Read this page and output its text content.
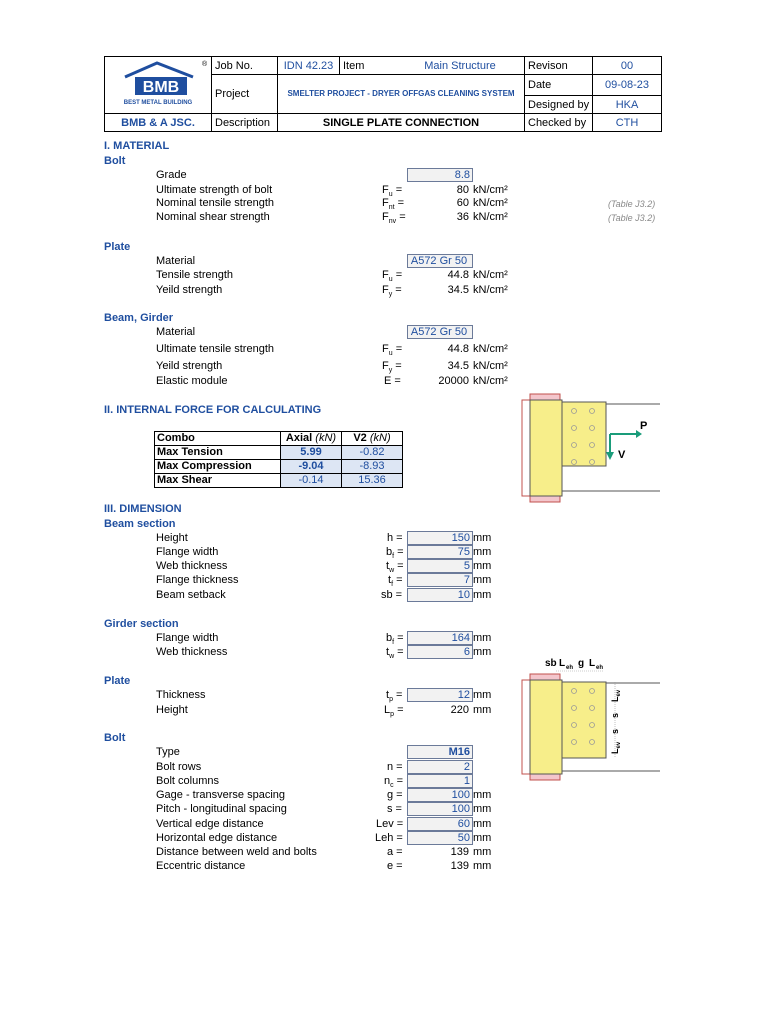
BMB
BEST METAL BUILDING
®	Job No.	IDN 42.23	Item Main Structure	Revison	00
	Project	SMELTER PROJECT - DRYER OFFGAS CLEANING SYSTEM		Date	09-08-23
				Designed by	HKA
BMB & A JSC.	Description	SINGLE PLATE CONNECTION		Checked by	CTH
I. MATERIAL
Bolt
Grade	8.8
Ultimate strength of bolt	$F_u$ =	80 kN/cm²
Nominal tensile strength	$F_{nt}$ =	60 kN/cm²	(Table J3.2)
Nominal shear strength	$F_{nv}$ =	36 kN/cm²	(Table J3.2)
Plate
Material	A572 Gr 50
Tensile strength	$F_u$ =	44.8 kN/cm²
Yeild strength	$F_y$ =	34.5 kN/cm²
Beam, Girder
Material	A572 Gr 50
Ultimate tensile strength	$F_u$ =	44.8 kN/cm²
Yeild strength	$F_y$ =	34.5 kN/cm²
Elastic module	E =	20000 kN/cm²
II. INTERNAL FORCE FOR CALCULATING
Combo	Axial (kN)	V2 (kN)
Max Tension	5.99	-0.82
Max Compression	-9.04	-8.93
Max Shear	-0.14	15.36
P
V
III. DIMENSION
Beam section
Height	h =	150 mm
Flange width	$b_f$ =	75 mm
Web thickness	$t_w$ =	5 mm
Flange thickness	$t_f$ =	7 mm
Beam setback	sb =	10 mm
Girder section
Flange width	$b_f$ =	164 mm
Web thickness	$t_w$ =	6 mm
Plate
Thickness	$t_p$ =	12 mm
Height	$L_p$ =	220 mm
Bolt
Type	M16
Bolt rows	n =	2
Bolt columns	$n_c$ =	1
Gage - transverse spacing	g =	100 mm
Pitch - longitudinal spacing	s =	100 mm
Vertical edge distance	Lev =	60 mm
Horizontal edge distance	Leh =	50 mm
Distance between weld and bolts	a =	139 mm
Eccentric distance	e =	139 mm
sb L eh g L eh
$L_{ev}$
s
s
$L_{ev}$
